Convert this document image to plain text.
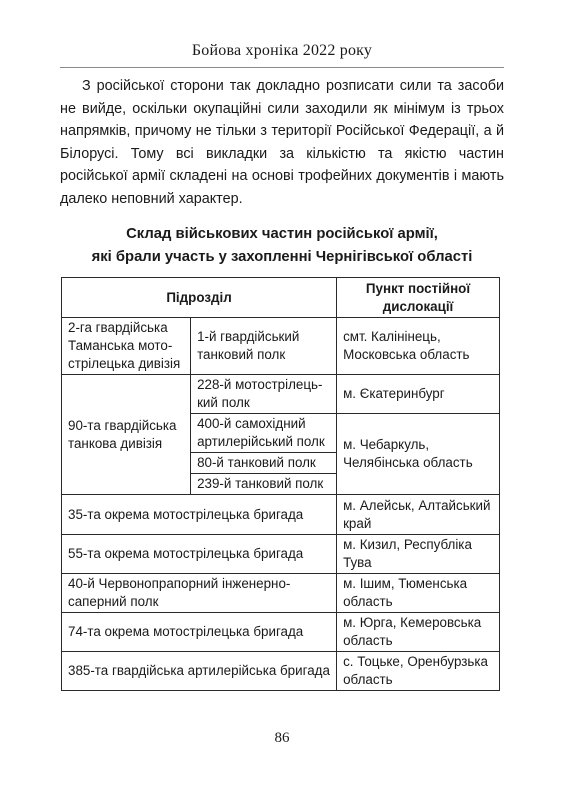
Бойова хроніка 2022 року

З російської сторони так докладно розписати сили та засоби не вийде, оскільки окупаційні сили заходили як мінімум із трьох напрямків, причому не тільки з території Російської Федерації, а й Білорусі. Тому всі викладки за кількістю та якістю частин російської армії складені на основі трофейних документів і мають далеко неповний характер.

Склад військових частин російської армії,
які брали участь у захопленні Чернігівської області
Підрозділ		Пункт постійної дислокації
2-га гвардійська Таманська мотострілецька дивізія	1-й гвардійський танковий полк	смт. Калінінець, Московська область
90-та гвардійська танкова дивізія	228-й мотострілецький полк	м. Єкатеринбург
	400-й самохідний артилерійський полк	м. Чебаркуль, Челябінська область
	80-й танковий полк	
	239-й танковий полк	
35-та окрема мотострілецька бригада		м. Алейськ, Алтайський край
55-та окрема мотострілецька бригада		м. Кизил, Республіка Тува
40-й Червонопрапорний інженерно-саперний полк		м. Ішим, Тюменська область
74-та окрема мотострілецька бригада		м. Юрга, Кемеровська область
385-та гвардійська артилерійська бригада		с. Тоцьке, Оренбурзька область
86
